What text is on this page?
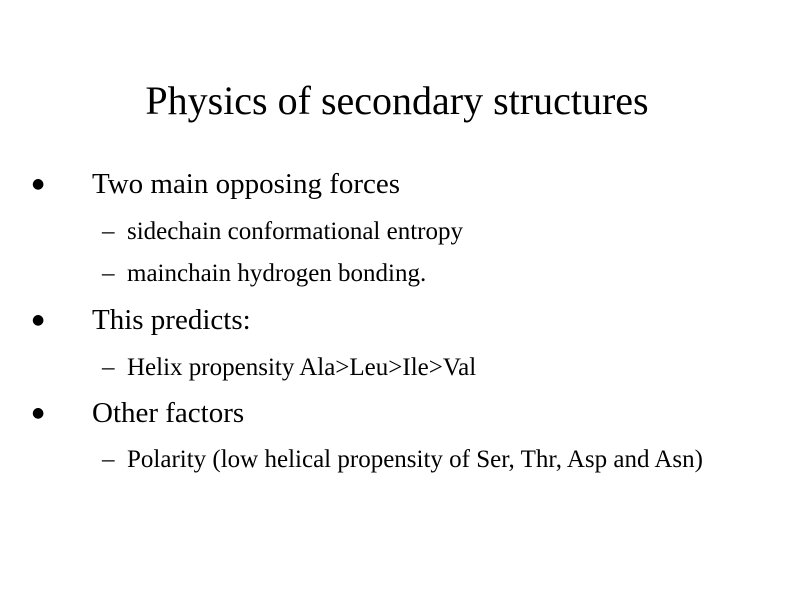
Physics of secondary structures
● Two main opposing forces
– sidechain conformational entropy
– mainchain hydrogen bonding.
● This predicts:
– Helix propensity Ala>Leu>Ile>Val
● Other factors
– Polarity (low helical propensity of Ser, Thr, Asp and Asn)
